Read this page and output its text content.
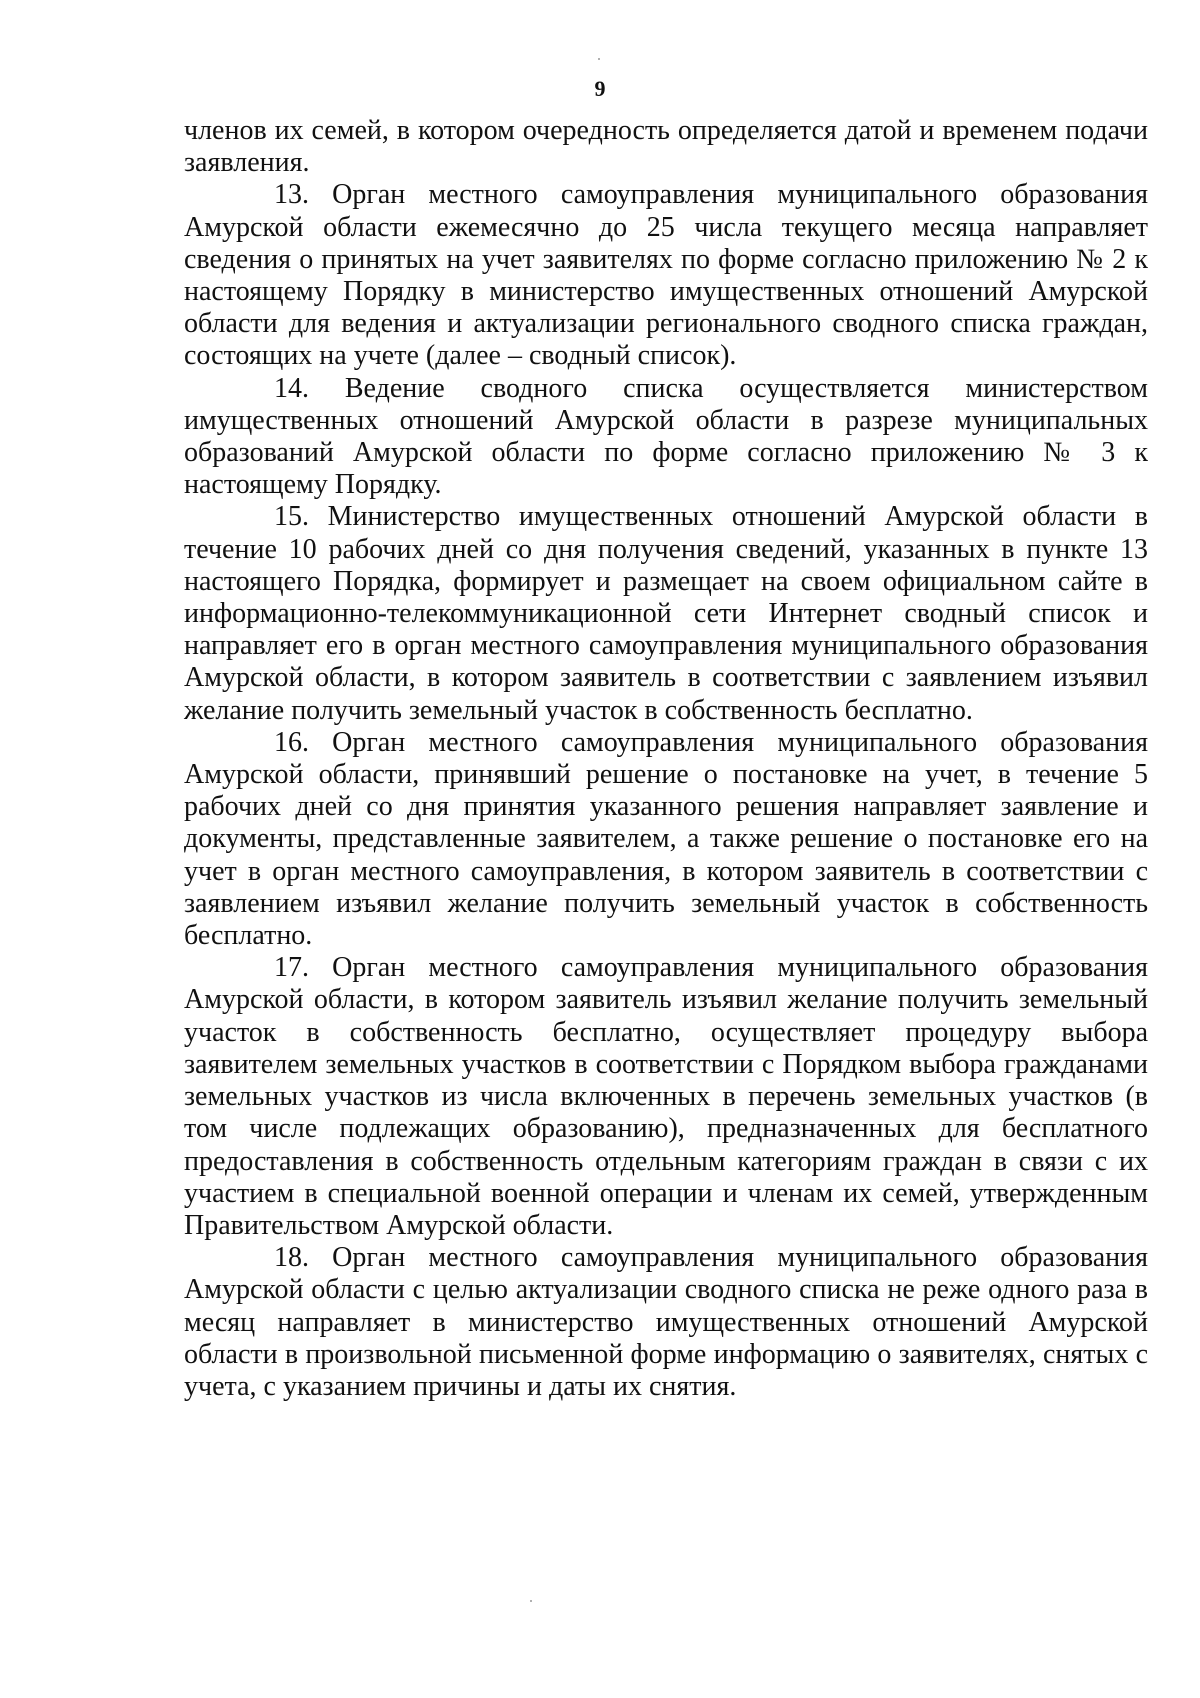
9

членов их семей, в котором очередность определяется датой и временем подачи заявления.

13. Орган местного самоуправления муниципального образования Амурской области ежемесячно до 25 числа текущего месяца направляет сведения о принятых на учет заявителях по форме согласно приложению № 2 к настоящему Порядку в министерство имущественных отношений Амурской области для ведения и актуализации регионального сводного списка граждан, состоящих на учете (далее – сводный список).

14. Ведение сводного списка осуществляется министерством имущественных отношений Амурской области в разрезе муниципальных образований Амурской области по форме согласно приложению № 3 к настоящему Порядку.

15. Министерство имущественных отношений Амурской области в течение 10 рабочих дней со дня получения сведений, указанных в пункте 13 настоящего Порядка, формирует и размещает на своем официальном сайте в информационно-телекоммуникационной сети Интернет сводный список и направляет его в орган местного самоуправления муниципального образования Амурской области, в котором заявитель в соответствии с заявлением изъявил желание получить земельный участок в собственность бесплатно.

16. Орган местного самоуправления муниципального образования Амурской области, принявший решение о постановке на учет, в течение 5 рабочих дней со дня принятия указанного решения направляет заявление и документы, представленные заявителем, а также решение о постановке его на учет в орган местного самоуправления, в котором заявитель в соответствии с заявлением изъявил желание получить земельный участок в собственность бесплатно.

17. Орган местного самоуправления муниципального образования Амурской области, в котором заявитель изъявил желание получить земельный участок в собственность бесплатно, осуществляет процедуру выбора заявителем земельных участков в соответствии с Порядком выбора гражданами земельных участков из числа включенных в перечень земельных участков (в том числе подлежащих образованию), предназначенных для бесплатного предоставления в собственность отдельным категориям граждан в связи с их участием в специальной военной операции и членам их семей, утвержденным Правительством Амурской области.

18. Орган местного самоуправления муниципального образования Амурской области с целью актуализации сводного списка не реже одного раза в месяц направляет в министерство имущественных отношений Амурской области в произвольной письменной форме информацию о заявителях, снятых с учета, с указанием причины и даты их снятия.
